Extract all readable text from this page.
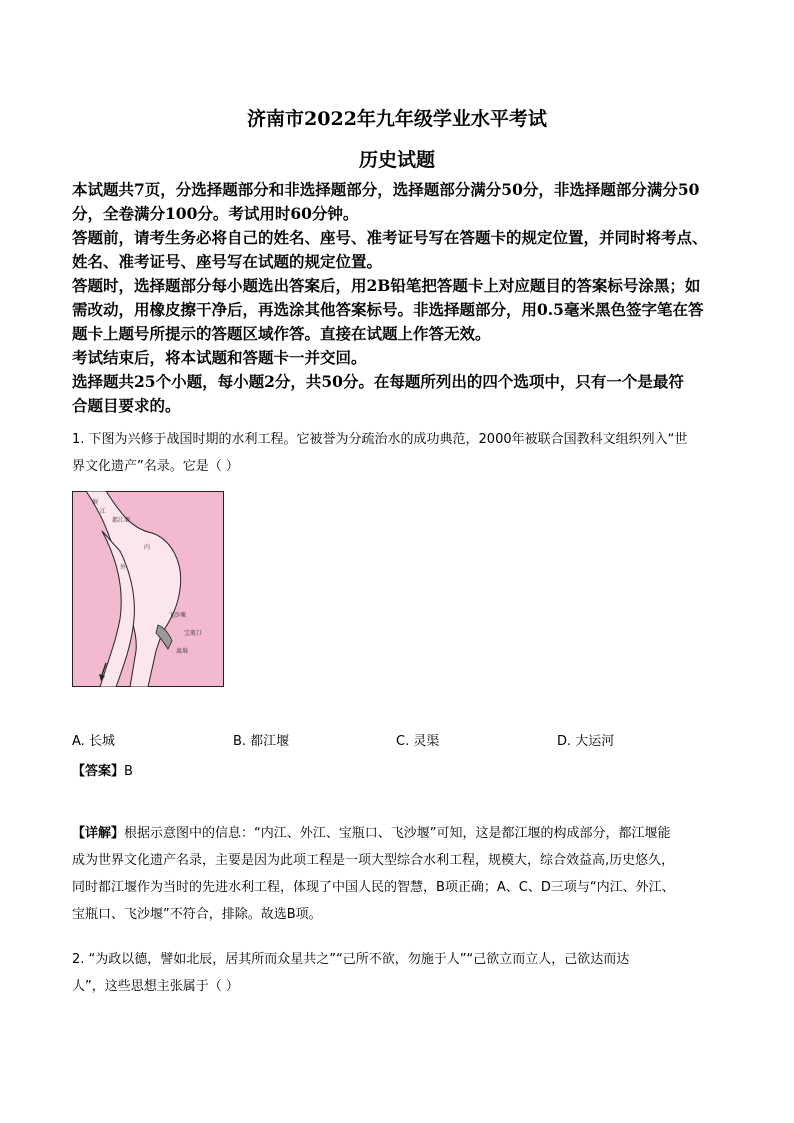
济南市2022年九年级学业水平考试
历史试题

本试题共7页，分选择题部分和非选择题部分，选择题部分满分50分，非选择题部分满分50

分，全卷满分100分。考试用时60分钟。

答题前，请考生务必将自己的姓名、座号、准考证号写在答题卡的规定位置，并同时将考点、

姓名、准考证号、座号写在试题的规定位置。

答题时，选择题部分每小题选出答案后，用2B铅笔把答题卡上对应题目的答案标号涂黑；如

需改动，用橡皮擦干净后，再选涂其他答案标号。非选择题部分，用0.5毫米黑色签字笔在答

题卡上题号所提示的答题区域作答。直接在试题上作答无效。

考试结束后，将本试题和答题卡一并交回。

选择题共25个小题，每小题2分，共50分。在每题所列出的四个选项中，只有一个是最符

合题目要求的。

1. 下图为兴修于战国时期的水利工程。它被誉为分疏治水的成功典范，2000年被联合国教科文组织列入“世

界文化遗产”名录。它是（ ）

岷
江
都江堰
内
外
飞沙堰
宝瓶口
离堆
A. 长城	B. 都江堰	C. 灵渠	D. 大运河

【答案】B

【详解】根据示意图中的信息：“内江、外江、宝瓶口、飞沙堰”可知，这是都江堰的构成部分，都江堰能

成为世界文化遗产名录，主要是因为此项工程是一项大型综合水利工程，规模大，综合效益高,历史悠久，

同时都江堰作为当时的先进水利工程，体现了中国人民的智慧，B项正确；A、C、D三项与“内江、外江、

宝瓶口、飞沙堰”不符合，排除。故选B项。

2. “为政以德，譬如北辰，居其所而众星共之”“己所不欲，勿施于人”“己欲立而立人，己欲达而达

人”，这些思想主张属于（ ）
